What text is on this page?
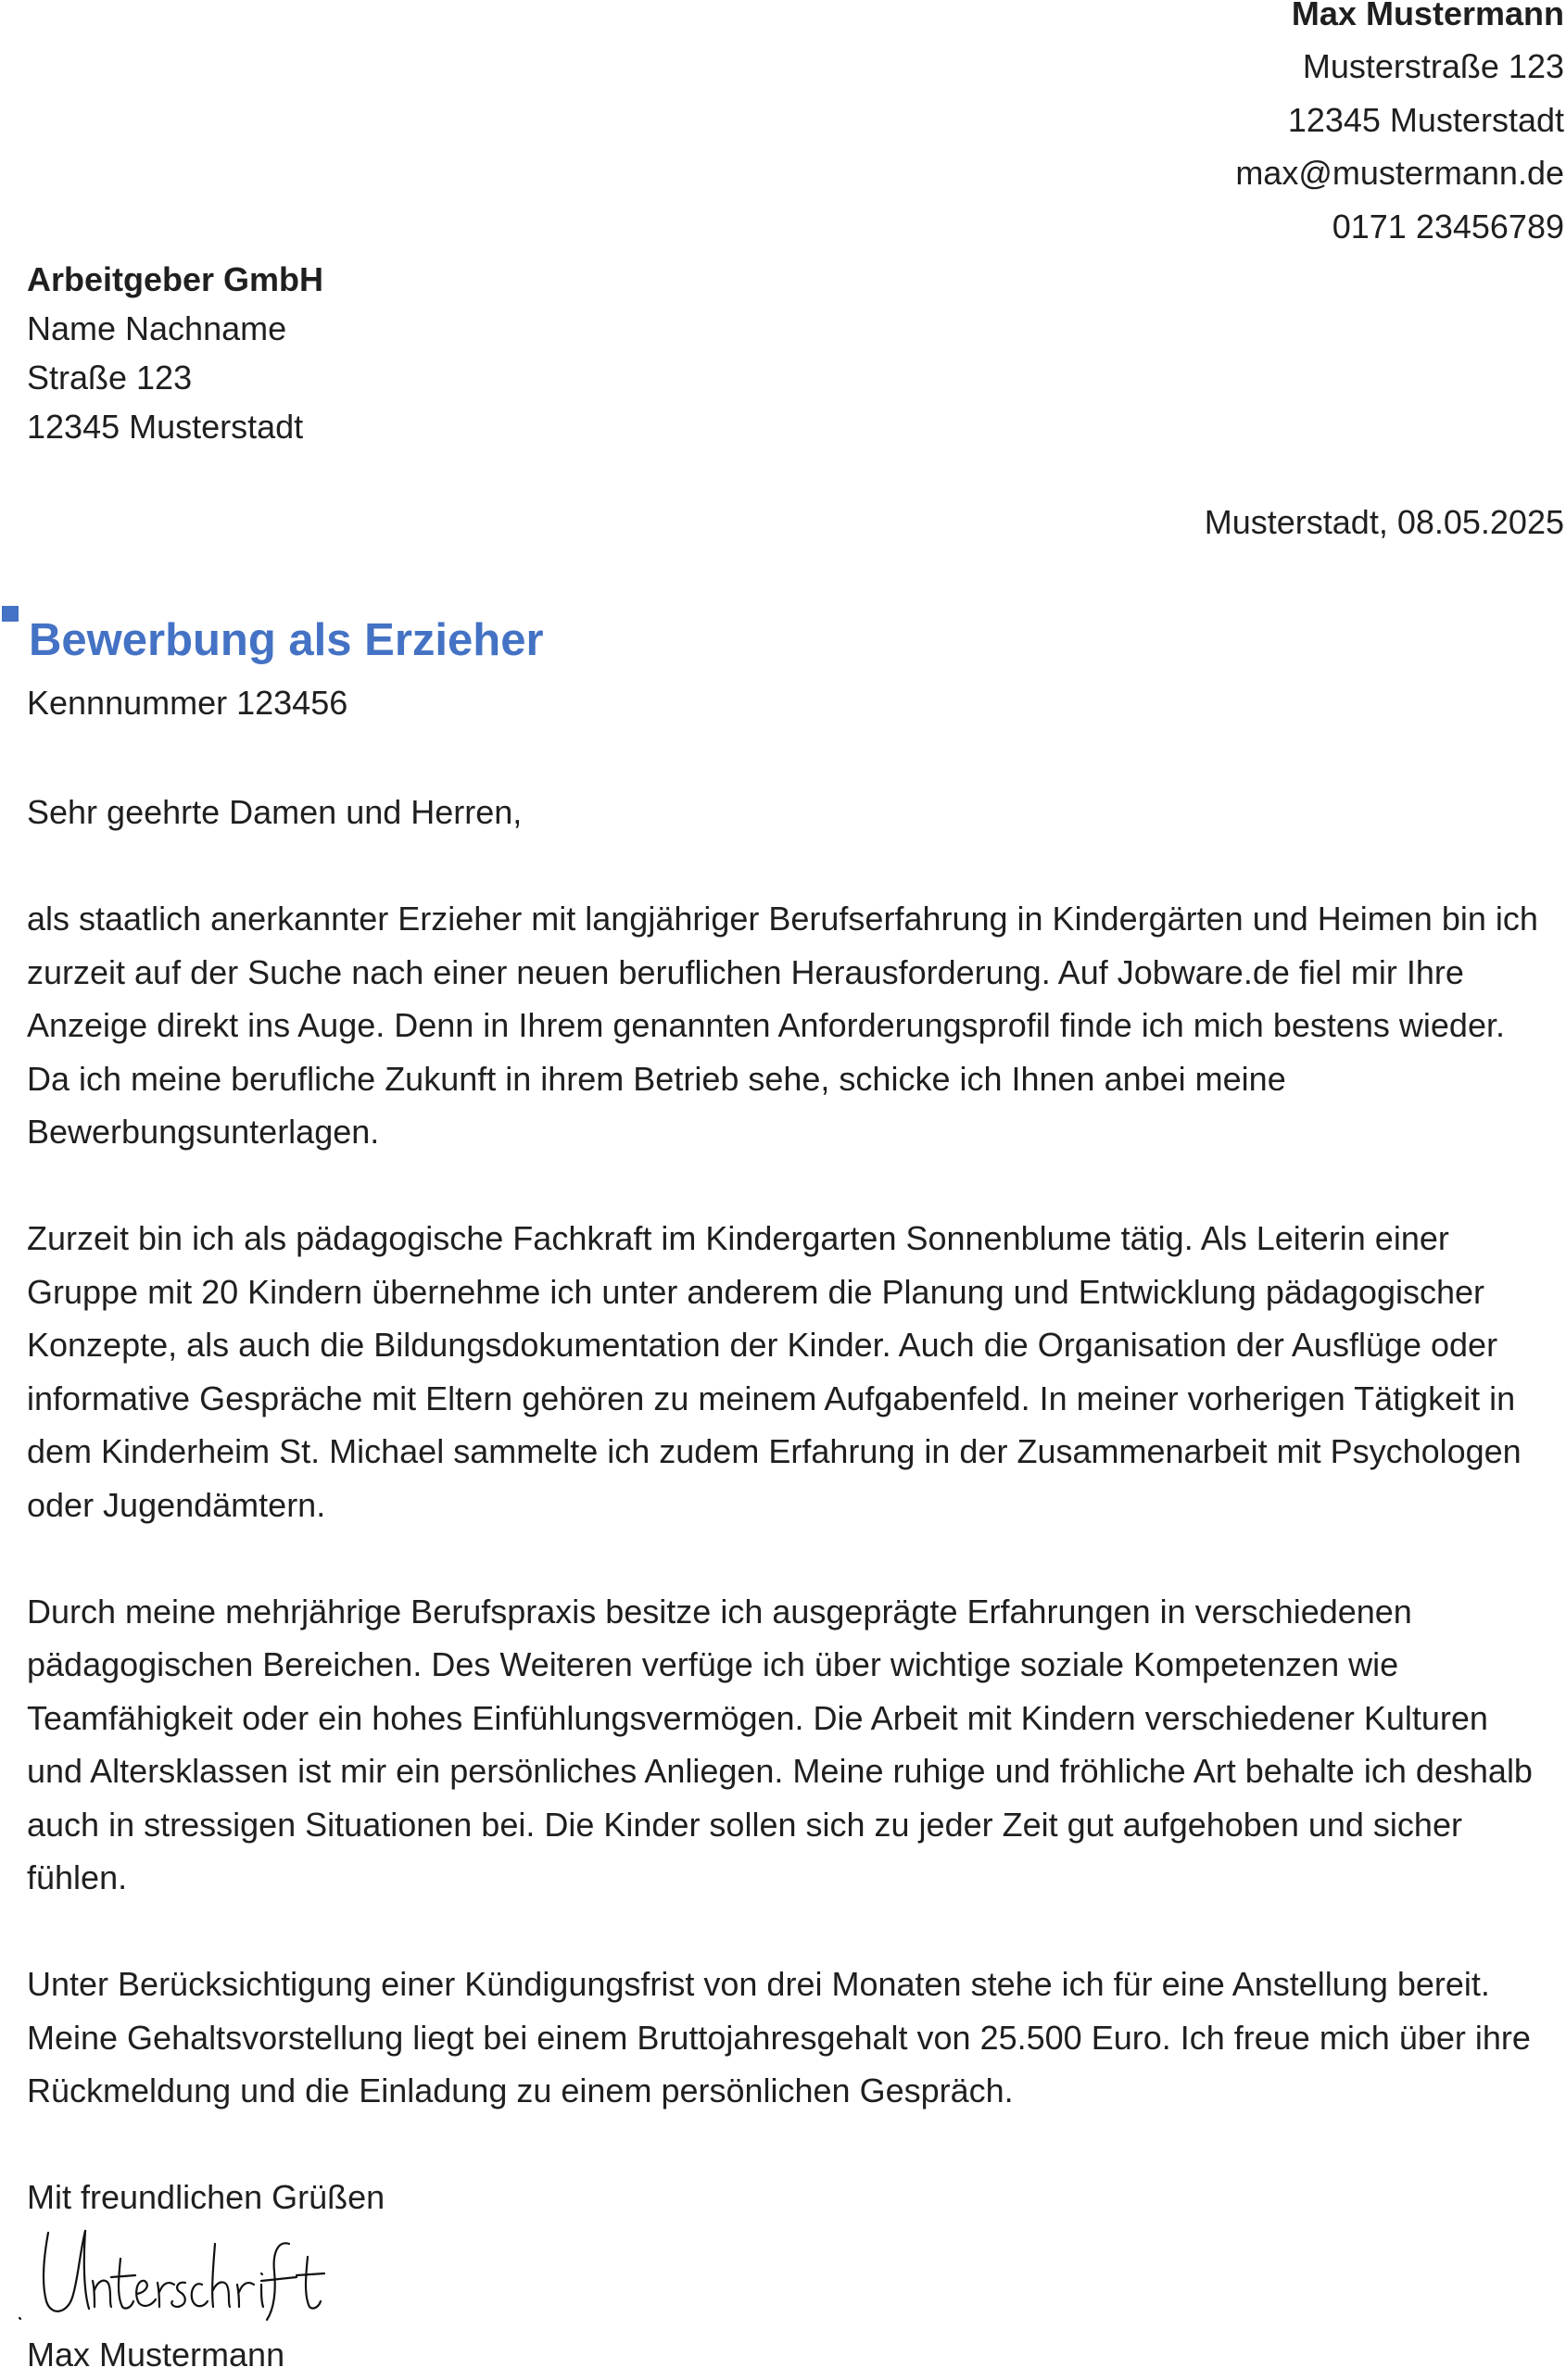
Max Mustermann
Musterstraße 123
12345 Musterstadt
max@mustermann.de
0171 23456789
Arbeitgeber GmbH
Name Nachname
Straße 123
12345 Musterstadt
Musterstadt, 08.05.2025
Bewerbung als Erzieher
Kennnummer 123456

Sehr geehrte Damen und Herren,

als staatlich anerkannter Erzieher mit langjähriger Berufserfahrung in Kindergärten und Heimen bin ich zurzeit auf der Suche nach einer neuen beruflichen Herausforderung. Auf Jobware.de fiel mir Ihre Anzeige direkt ins Auge. Denn in Ihrem genannten Anforderungsprofil finde ich mich bestens wieder. Da ich meine berufliche Zukunft in ihrem Betrieb sehe, schicke ich Ihnen anbei meine Bewerbungsunterlagen.

Zurzeit bin ich als pädagogische Fachkraft im Kindergarten Sonnenblume tätig. Als Leiterin einer Gruppe mit 20 Kindern übernehme ich unter anderem die Planung und Entwicklung pädagogischer Konzepte, als auch die Bildungsdokumentation der Kinder. Auch die Organisation der Ausflüge oder informative Gespräche mit Eltern gehören zu meinem Aufgabenfeld. In meiner vorherigen Tätigkeit in dem Kinderheim St. Michael sammelte ich zudem Erfahrung in der Zusammenarbeit mit Psychologen oder Jugendämtern.

Durch meine mehrjährige Berufspraxis besitze ich ausgeprägte Erfahrungen in verschiedenen pädagogischen Bereichen. Des Weiteren verfüge ich über wichtige soziale Kompetenzen wie Teamfähigkeit oder ein hohes Einfühlungsvermögen. Die Arbeit mit Kindern verschiedener Kulturen und Altersklassen ist mir ein persönliches Anliegen. Meine ruhige und fröhliche Art behalte ich deshalb auch in stressigen Situationen bei. Die Kinder sollen sich zu jeder Zeit gut aufgehoben und sicher fühlen.

Unter Berücksichtigung einer Kündigungsfrist von drei Monaten stehe ich für eine Anstellung bereit. Meine Gehaltsvorstellung liegt bei einem Bruttojahresgehalt von 25.500 Euro. Ich freue mich über ihre Rückmeldung und die Einladung zu einem persönlichen Gespräch.

Mit freundlichen Grüßen
Max Mustermann
